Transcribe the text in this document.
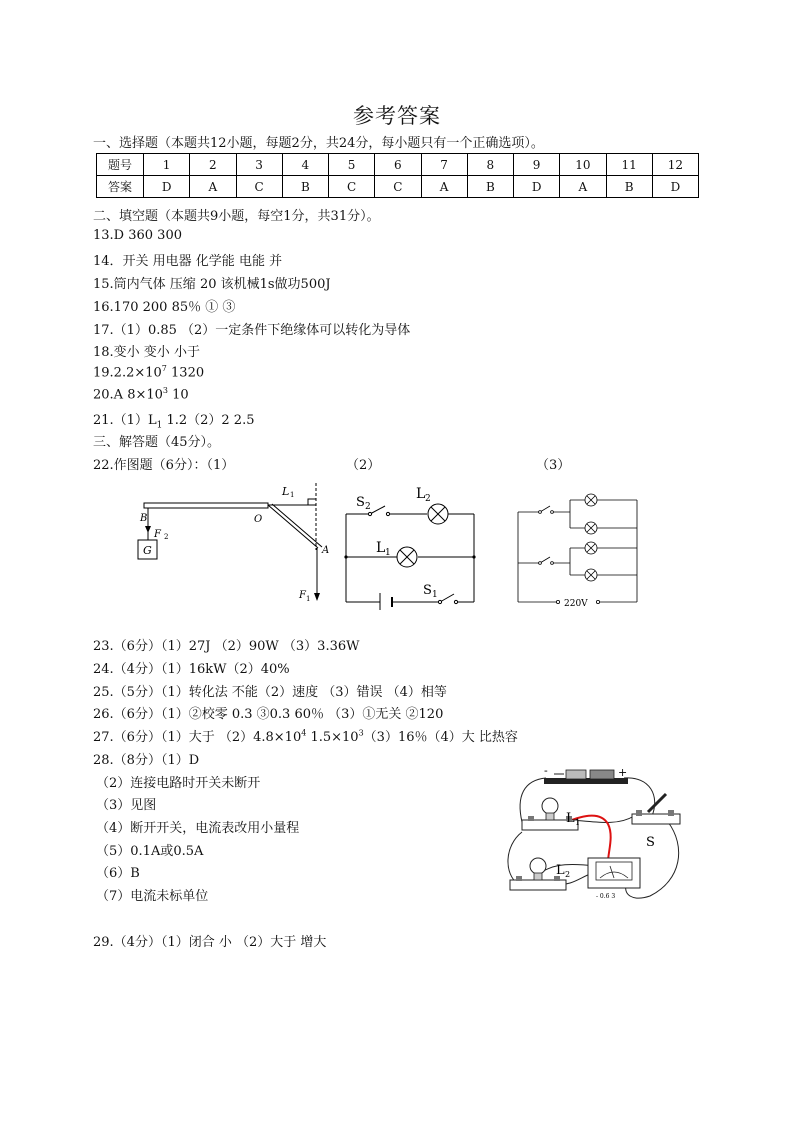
参考答案
一、选择题（本题共12小题，每题2分，共24分，每小题只有一个正确选项）。
题号	1	2	3	4	5	6	7	8	9	10	11	12
答案	D	A	C	B	C	C	A	B	D	A	B	D
二、填空题（本题共9小题，每空1分，共31分）。
13.D 360 300
14．开关 用电器 化学能 电能 并
15.筒内气体 压缩 20 该机械1s做功500J
16.170 200 85％ ① ③
17.（1）0.85 （2）一定条件下绝缘体可以转化为导体
18.变小 变小 小于
$19.2.2\times 10^7$ 1320
20.A $8\times 10^3$ 10
$21.(1)L_1$ 1.2（2）2 2.5
三、解答题（45分）。
22.作图题（6分）：（1）	（2）	（3）
G
L 1
B
F 2
O
A
F 1
S 2
L 2
L 1
S 1
220V
23.（6分）（1）27J （2）90W （3）3.36W
24.（4分）（1）16kW（2）40%
25.（5分）（1）转化法 不能（2）速度 （3）错误 （4）相等
26.（6分）（1）②校零 0.3 ③0.3 60％ （3）①无关 ②120
27.（6分）（1）大于 $(2)4.8\times 10^4$ $1.5\times 10^3(3)16$％（4）大 比热容
28.（8分）（1）D
（2）连接电路时开关未断开
（3）见图
（4）断开开关，电流表改用小量程
（5）0.1A或0.5A
（6）B
（7）电流未标单位
-	+
L 1
L 2
S
- 0.6 3
29.（4分）（1）闭合 小 （2）大于 增大
